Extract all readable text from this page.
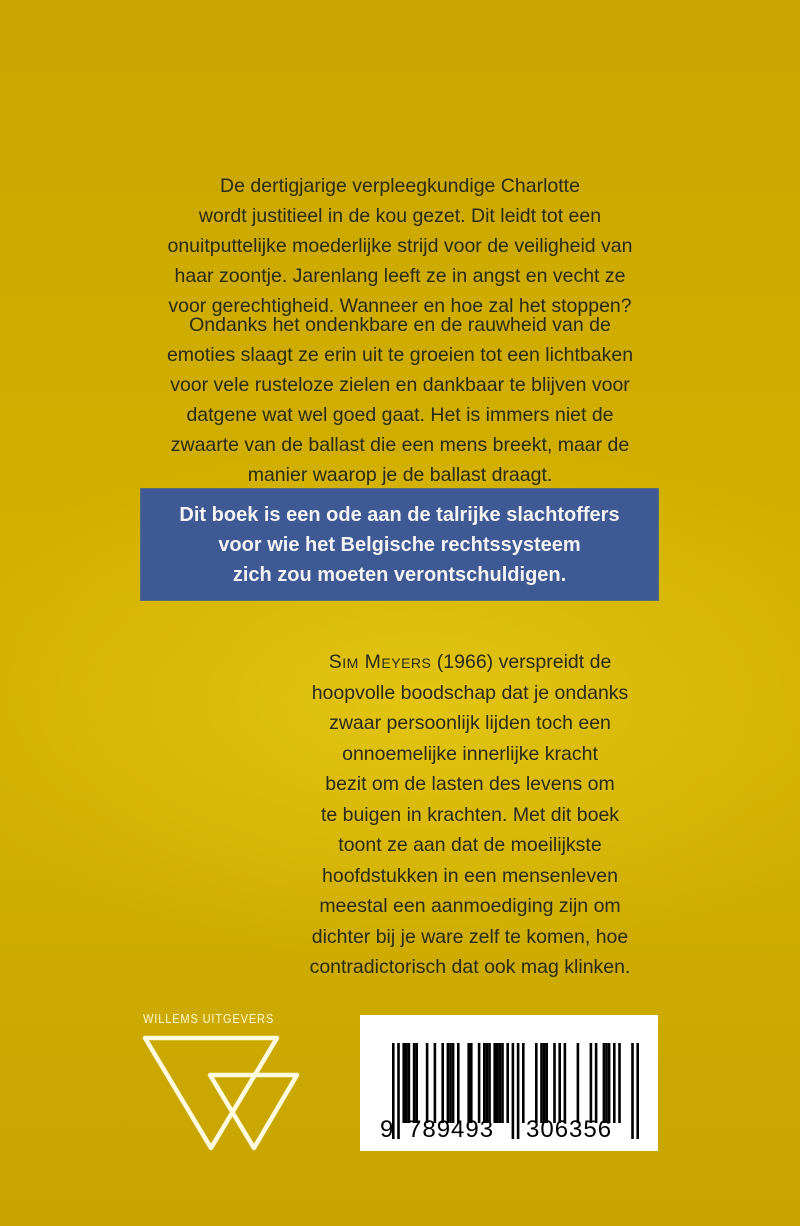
De dertigjarige verpleegkundige Charlotte
wordt justitieel in de kou gezet. Dit leidt tot een
onuitputtelijke moederlijke strijd voor de veiligheid van
haar zoontje. Jarenlang leeft ze in angst en vecht ze
voor gerechtigheid. Wanneer en hoe zal het stoppen?
Ondanks het ondenkbare en de rauwheid van de
emoties slaagt ze erin uit te groeien tot een lichtbaken
voor vele rusteloze zielen en dankbaar te blijven voor
datgene wat wel goed gaat. Het is immers niet de
zwaarte van de ballast die een mens breekt, maar de
manier waarop je de ballast draagt.
Dit boek is een ode aan de talrijke slachtoffers
voor wie het Belgische rechtssysteem
zich zou moeten verontschuldigen.
Sim Meyers (1966) verspreidt de
hoopvolle boodschap dat je ondanks
zwaar persoonlijk lijden toch een
onnoemelijke innerlijke kracht
bezit om de lasten des levens om
te buigen in krachten. Met dit boek
toont ze aan dat de moeilijkste
hoofdstukken in een mensenleven
meestal een aanmoediging zijn om
dichter bij je ware zelf te komen, hoe
contradictorisch dat ook mag klinken.
WILLEMS UITGEVERS
9 789493 306356
